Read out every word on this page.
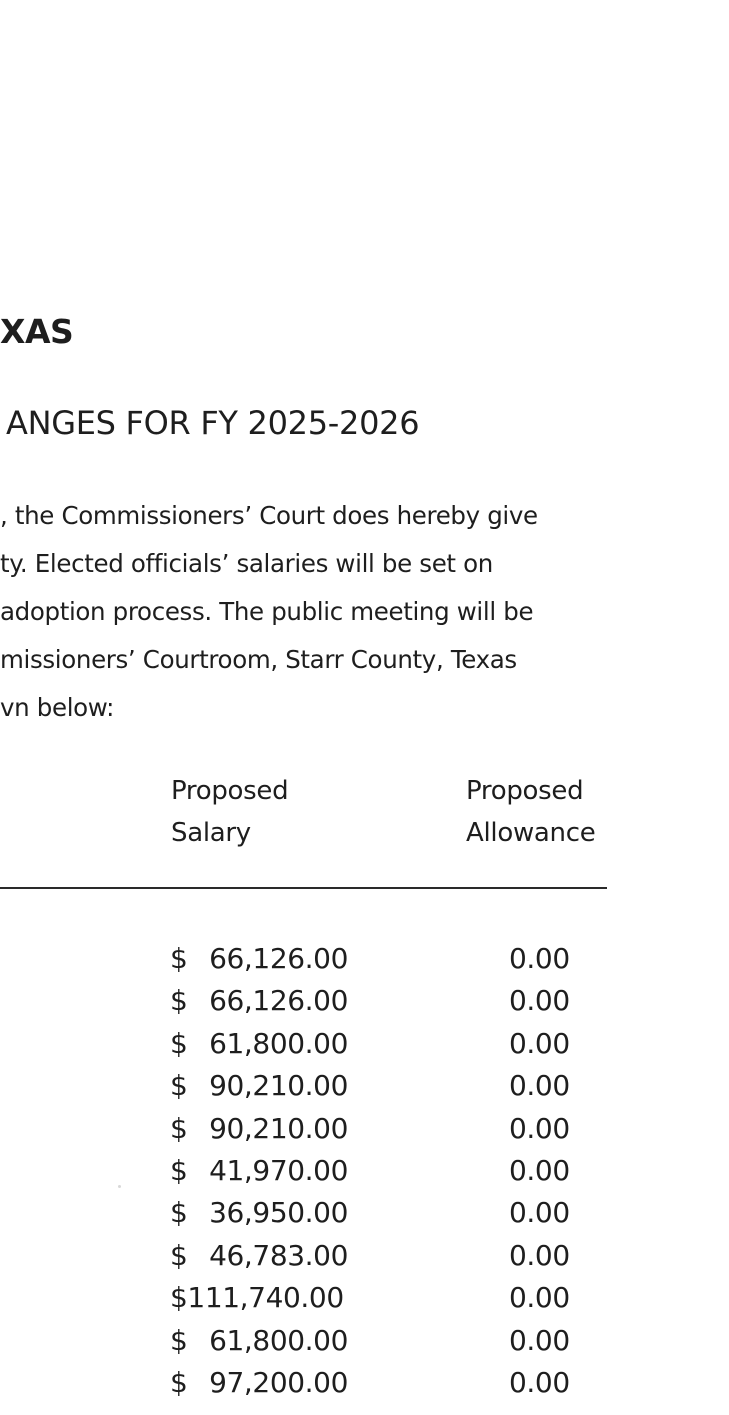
XAS
ANGES FOR FY 2025-2026
, the Commissioners’ Court does hereby give
ty. Elected officials’ salaries will be set on
adoption process. The public meeting will be
missioners’ Courtroom, Starr County, Texas
vn below:
Proposed
Salary
Proposed
Allowance
$ 66,126.00	0.00
$ 66,126.00	0.00
$ 61,800.00	0.00
$ 90,210.00	0.00
$ 90,210.00	0.00
$ 41,970.00	0.00
$ 36,950.00	0.00
$ 46,783.00	0.00
$ 111,740.00	0.00
$ 61,800.00	0.00
$ 97,200.00	0.00
